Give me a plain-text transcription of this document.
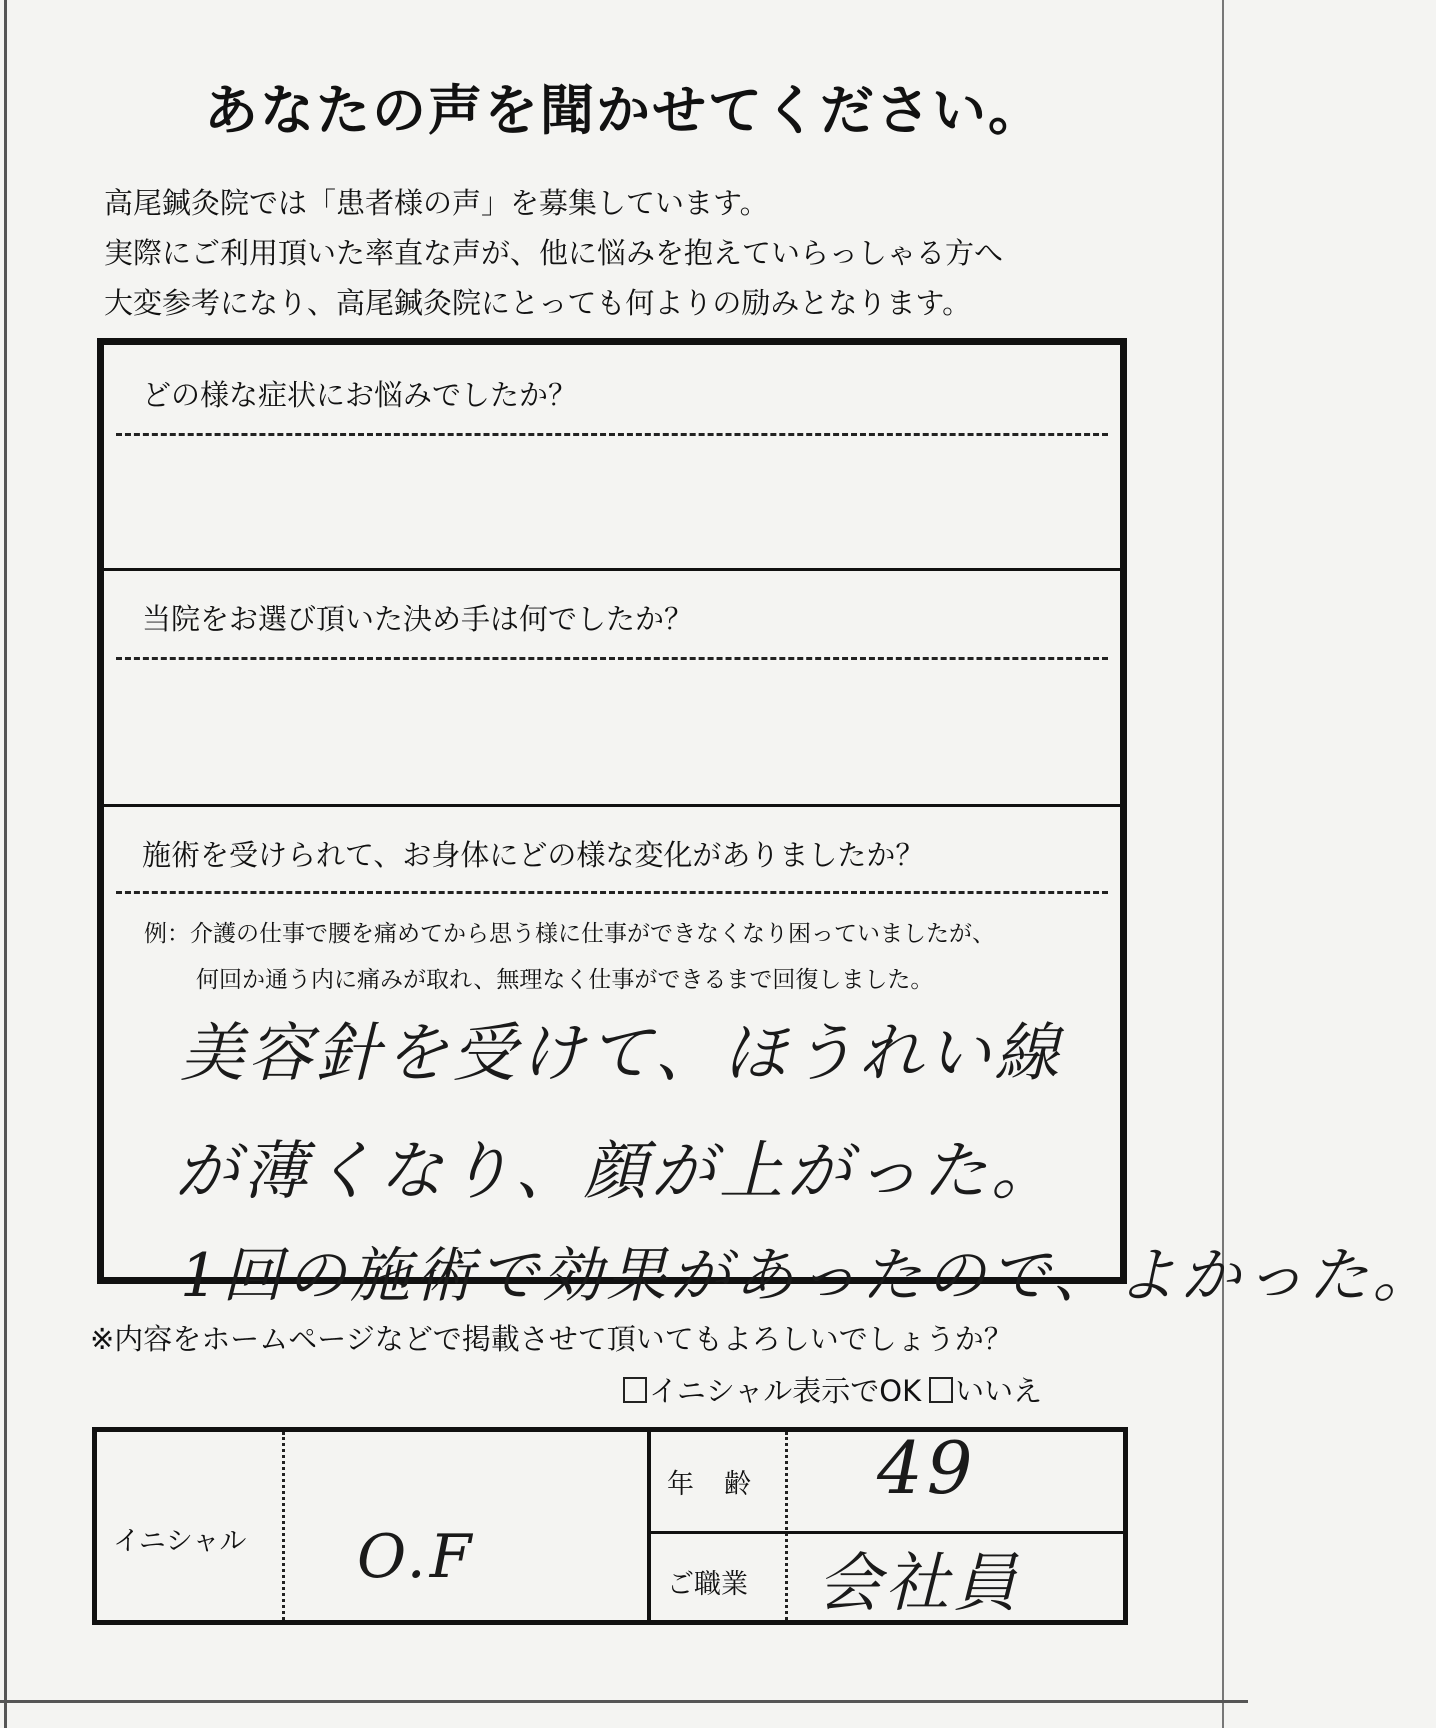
あなたの声を聞かせてください。
高尾鍼灸院では「患者様の声」を募集しています。
実際にご利用頂いた率直な声が、他に悩みを抱えていらっしゃる方へ
大変参考になり、高尾鍼灸院にとっても何よりの励みとなります。
どの様な症状にお悩みでしたか？
当院をお選び頂いた決め手は何でしたか？
施術を受けられて、お身体にどの様な変化がありましたか？
例：介護の仕事で腰を痛めてから思う様に仕事ができなくなり困っていましたが、
何回か通う内に痛みが取れ、無理なく仕事ができるまで回復しました。
美容針を受けて、ほうれい線
が薄くなり、顔が上がった。
1回の施術で効果があったので、よかった。
※内容をホームページなどで掲載させて頂いてもよろしいでしょうか？
イニシャル表示でOK いいえ
イニシャル O.F
年齢 49
ご職業 会社員
